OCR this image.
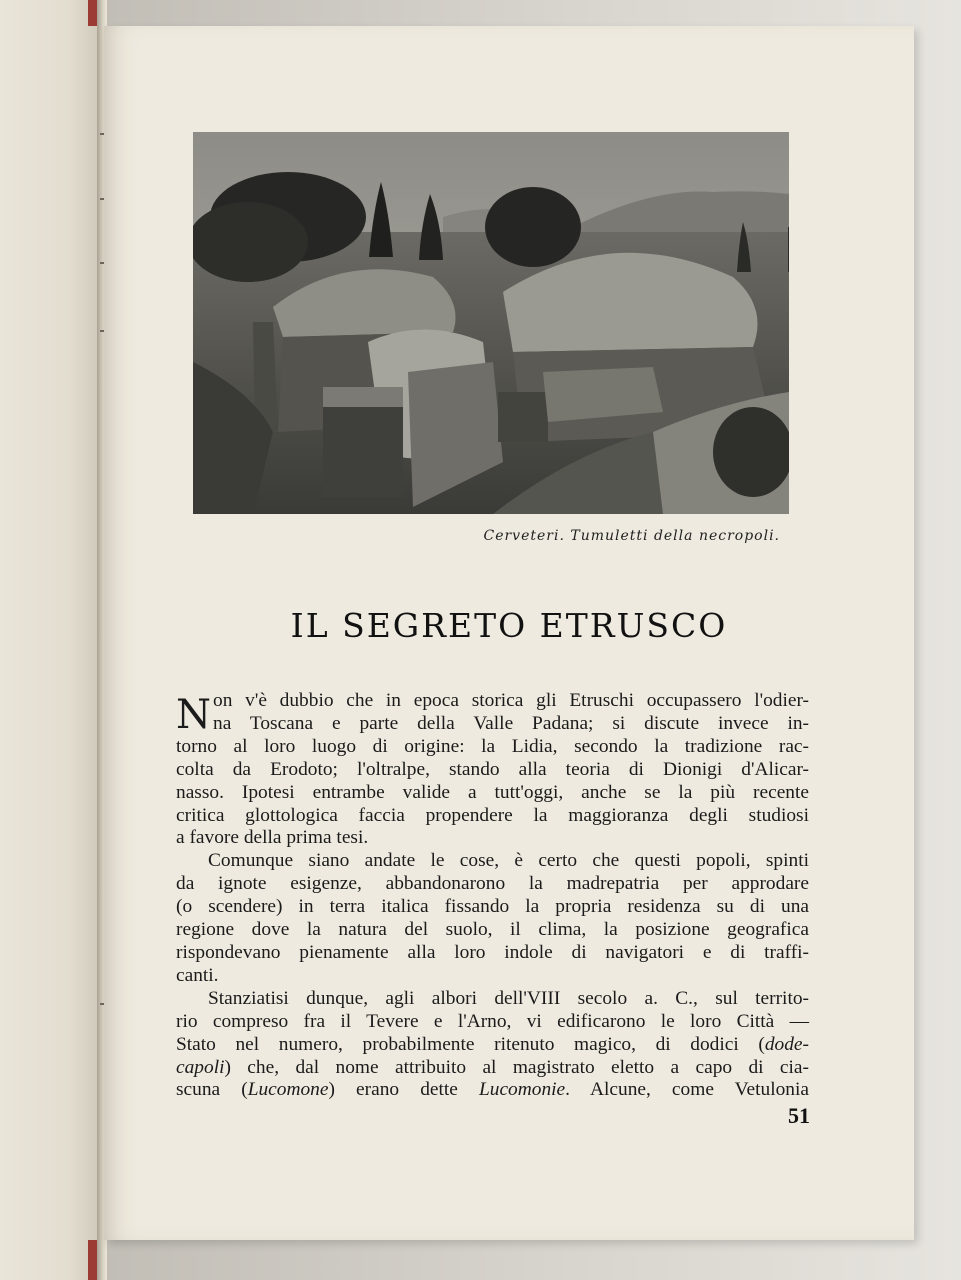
Cerveteri. Tumuletti della necropoli.
IL SEGRETO ETRUSCO

N on v'è dubbio che in epoca storica gli Etruschi occupassero l'odier-
na Toscana e parte della Valle Padana; si discute invece in-
torno al loro luogo di origine: la Lidia, secondo la tradizione rac-
colta da Erodoto; l'oltralpe, stando alla teoria di Dionigi d'Alicar-
nasso. Ipotesi entrambe valide a tutt'oggi, anche se la più recente
critica glottologica faccia propendere la maggioranza degli studiosi
a favore della prima tesi.

Comunque siano andate le cose, è certo che questi popoli, spinti
da ignote esigenze, abbandonarono la madrepatria per approdare
(o scendere) in terra italica fissando la propria residenza su di una
regione dove la natura del suolo, il clima, la posizione geografica
rispondevano pienamente alla loro indole di navigatori e di traffi-
canti.

Stanziatisi dunque, agli albori dell'VIII secolo a. C., sul territo-
rio compreso fra il Tevere e l'Arno, vi edificarono le loro Città —
Stato nel numero, probabilmente ritenuto magico, di dodici (dode-
capoli) che, dal nome attribuito al magistrato eletto a capo di cia-
scuna (Lucomone) erano dette Lucomonie. Alcune, come Vetulonia

51
